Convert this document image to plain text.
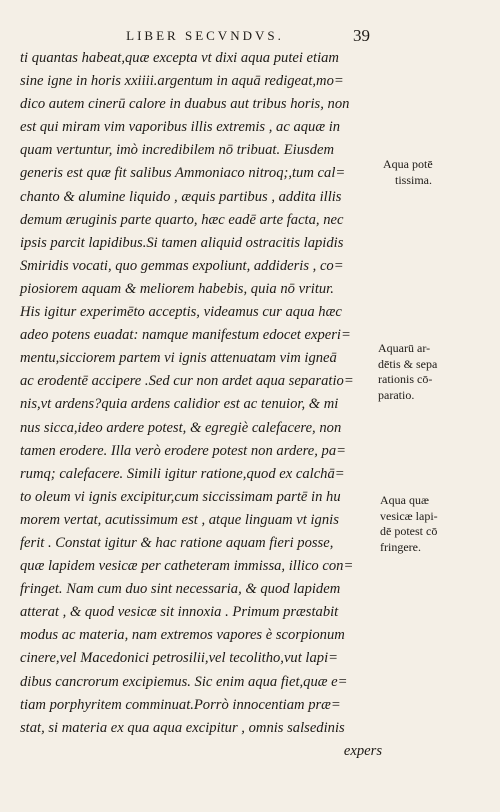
LIBER SECVNDVS.	39
ti quantas habeat,quæ excepta vt dixi aqua putei etiam
sine igne in horis xxiiii.argentum in aquā redigeat,mo=
dico autem cinerū calore in duabus aut tribus horis, non
est qui miram vim vaporibus illis extremis , ac aquæ in
quam vertuntur, imò incredibilem nō tribuat. Eiusdem
generis est quæ fit salibus Ammoniaco nitroq;,tum cal=
chanto & alumine liquido , æquis partibus , addita illis
demum æruginis parte quarto, hæc eadē arte facta, nec
ipsis parcit lapidibus.Si tamen aliquid ostracitis lapidis
Smiridis vocati, quo gemmas expoliunt, addideris , co=
piosiorem aquam & meliorem habebis, quia nō vritur.
His igitur experimēto acceptis, videamus cur aqua hæc
adeo potens euadat: namque manifestum edocet experi=
mentu,sicciorem partem vi ignis attenuatam vim igneā
ac erodentē accipere .Sed cur non ardet aqua separatio=
nis,vt ardens?quia ardens calidior est ac tenuior, & mi
nus sicca,ideo ardere potest, & egregiè calefacere, non
tamen erodere. Illa verò erodere potest non ardere, pa=
rumq; calefacere. Simili igitur ratione,quod ex calchā=
to oleum vi ignis excipitur,cum siccissimam partē in hu
morem vertat, acutissimum est , atque linguam vt ignis
ferit . Constat igitur & hac ratione aquam fieri posse,
quæ lapidem vesicæ per catheteram immissa, illico con=
fringet. Nam cum duo sint necessaria, & quod lapidem
atterat , & quod vesicæ sit innoxia . Primum præstabit
modus ac materia, nam extremos vapores è scorpionum
cinere,vel Macedonici petrosilii,vel tecolitho,vut lapi=
dibus cancrorum excipiemus. Sic enim aqua fiet,quæ e=
tiam porphyritem comminuat.Porrò innocentiam præ=
stat, si materia ex qua aqua excipitur , omnis salsedinis
expers
Aqua potē
tissima.
Aquarū ar-
dētis & sepa
rationis cō-
paratio.
Aqua quæ
vesicæ lapi-
dē potest cō
fringere.
